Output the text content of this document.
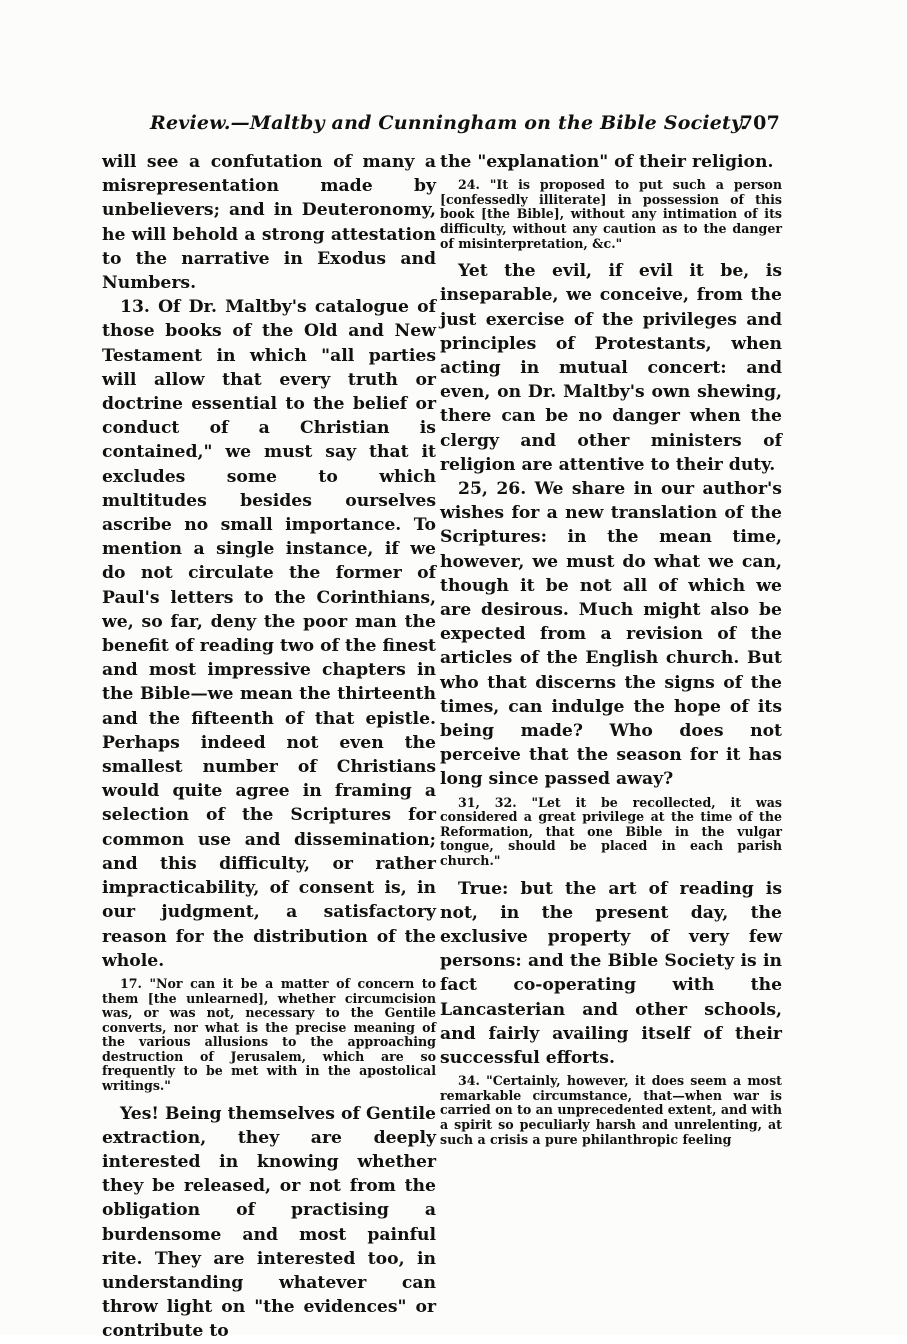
Review.—Maltby and Cunningham on the Bible Society.
707

will see a confutation of many a misrepresentation made by unbelievers; and in Deuteronomy, he will behold a strong attestation to the narrative in Exodus and Numbers.

13. Of Dr. Maltby's catalogue of those books of the Old and New Testament in which "all parties will allow that every truth or doctrine essential to the belief or conduct of a Christian is contained," we must say that it excludes some to which multitudes besides ourselves ascribe no small importance. To mention a single instance, if we do not circulate the former of Paul's letters to the Corinthians, we, so far, deny the poor man the benefit of reading two of the finest and most impressive chapters in the Bible—we mean the thirteenth and the fifteenth of that epistle. Perhaps indeed not even the smallest number of Christians would quite agree in framing a selection of the Scriptures for common use and dissemination; and this difficulty, or rather impracticability, of consent is, in our judgment, a satisfactory reason for the distribution of the whole.

17. "Nor can it be a matter of concern to them [the unlearned], whether circumcision was, or was not, necessary to the Gentile converts, nor what is the precise meaning of the various allusions to the approaching destruction of Jerusalem, which are so frequently to be met with in the apostolical writings."

Yes! Being themselves of Gentile extraction, they are deeply interested in knowing whether they be released, or not from the obligation of practising a burdensome and most painful rite. They are interested too, in understanding whatever can throw light on "the evidences" or contribute to

the "explanation" of their religion.

24. "It is proposed to put such a person [confessedly illiterate] in possession of this book [the Bible], without any intimation of its difficulty, without any caution as to the danger of misinterpretation, &c."

Yet the evil, if evil it be, is inseparable, we conceive, from the just exercise of the privileges and principles of Protestants, when acting in mutual concert: and even, on Dr. Maltby's own shewing, there can be no danger when the clergy and other ministers of religion are attentive to their duty.

25, 26. We share in our author's wishes for a new translation of the Scriptures: in the mean time, however, we must do what we can, though it be not all of which we are desirous. Much might also be expected from a revision of the articles of the English church. But who that discerns the signs of the times, can indulge the hope of its being made? Who does not perceive that the season for it has long since passed away?

31, 32. "Let it be recollected, it was considered a great privilege at the time of the Reformation, that one Bible in the vulgar tongue, should be placed in each parish church."

True: but the art of reading is not, in the present day, the exclusive property of very few persons: and the Bible Society is in fact co-operating with the Lancasterian and other schools, and fairly availing itself of their successful efforts.

34. "Certainly, however, it does seem a most remarkable circumstance, that—when war is carried on to an unprecedented extent, and with a spirit so peculiarly harsh and unrelenting, at such a crisis a pure philanthropic feeling
